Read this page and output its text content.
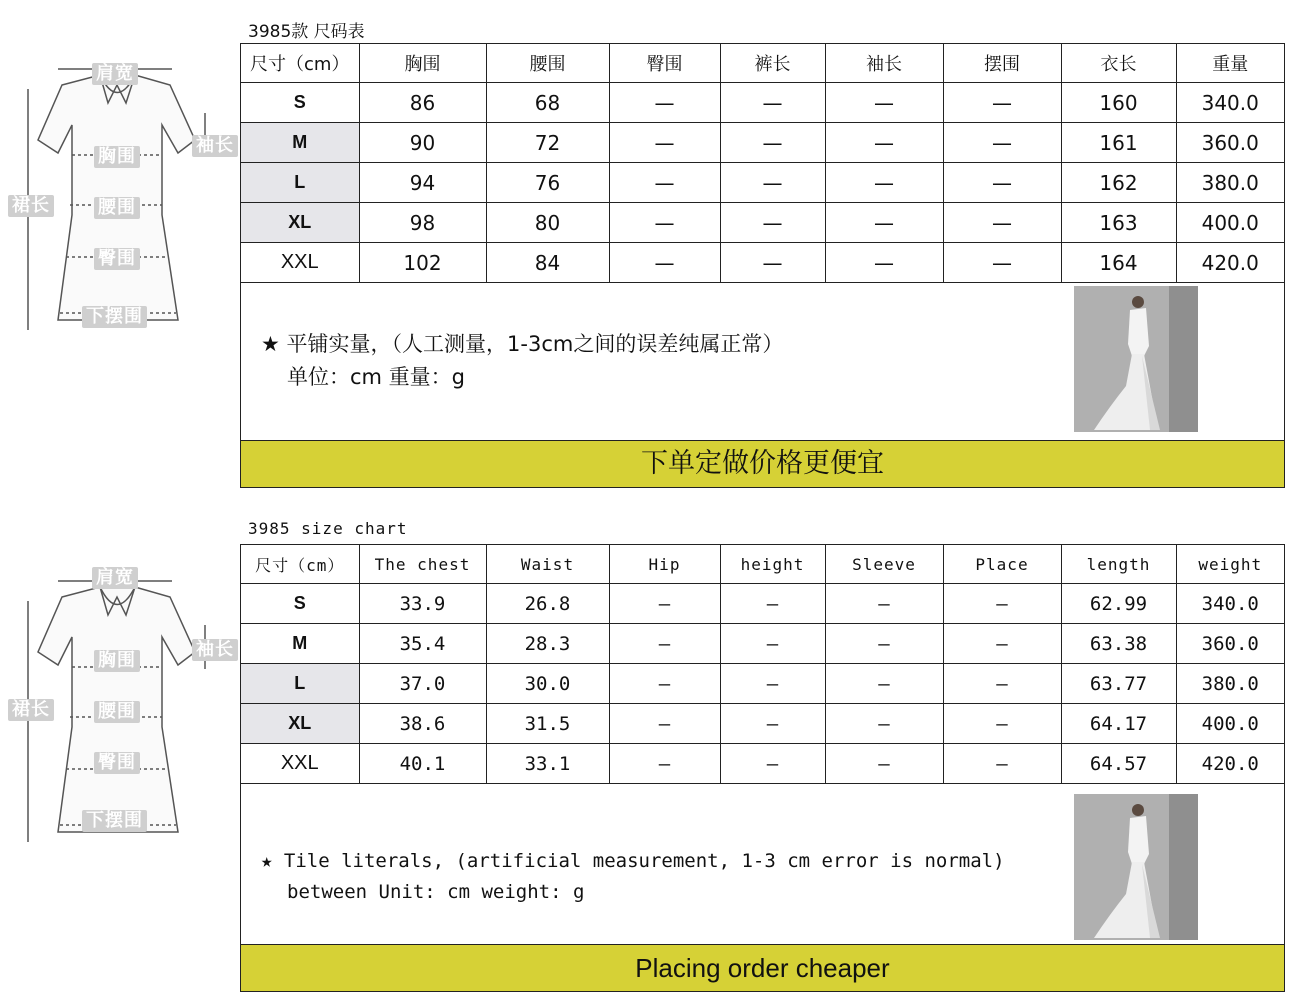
肩宽
袖长
胸围
裙长	腰围
臀围
下摆围
3985款 尺码表
尺寸（cm）	胸围	腰围	臀围	裤长	袖长	摆围	衣长	重量
S	86	68	—	—	—	—	160	340.0
M	90	72	—	—	—	—	161	360.0
L	94	76	—	—	—	—	162	380.0
XL	98	80	—	—	—	—	163	400.0
XXL	102	84	—	—	—	—	164	420.0
★ 平铺实量，（人工测量，1-3cm之间的误差纯属正常）
单位：cm 重量：g
下单定做价格更便宜
肩宽
袖长
胸围
裙长	腰围
臀围
下摆围
3985 size chart
尺寸（cm）	The chest	Waist	Hip	height	Sleeve	Place	length	weight
S	33.9	26.8	—	—	—	—	62.99	340.0
M	35.4	28.3	—	—	—	—	63.38	360.0
L	37.0	30.0	—	—	—	—	63.77	380.0
XL	38.6	31.5	—	—	—	—	64.17	400.0
XXL	40.1	33.1	—	—	—	—	64.57	420.0
★ Tile literals, (artificial measurement, 1-3 cm error is normal)
between Unit: cm weight: g
Placing order cheaper
